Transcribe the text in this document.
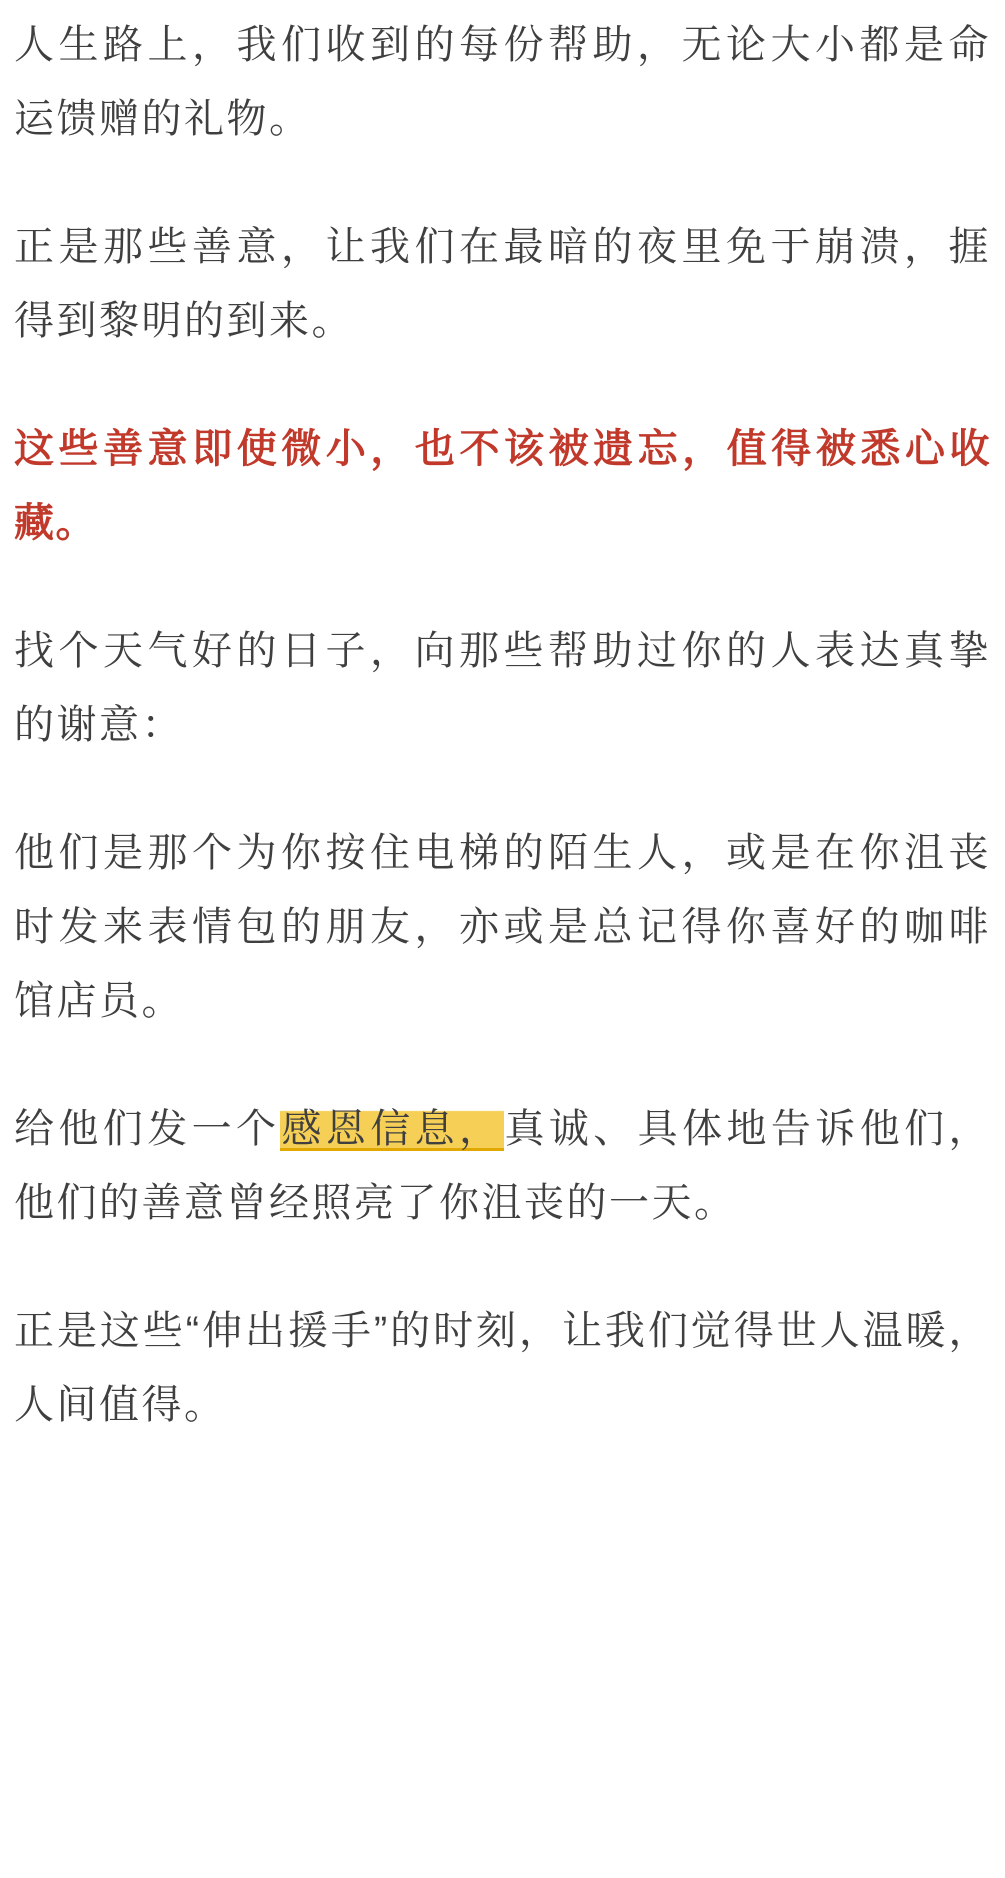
人生路上，我们收到的每份帮助，无论大小都是命运馈赠的礼物。

正是那些善意，让我们在最暗的夜里免于崩溃，捱得到黎明的到来。

这些善意即使微小，也不该被遗忘，值得被悉心收藏。

找个天气好的日子，向那些帮助过你的人表达真挚的谢意：

他们是那个为你按住电梯的陌生人，或是在你沮丧时发来表情包的朋友，亦或是总记得你喜好的咖啡馆店员。

给他们发一个感恩信息，真诚、具体地告诉他们，他们的善意曾经照亮了你沮丧的一天。

正是这些“伸出援手”的时刻，让我们觉得世人温暖，人间值得。
